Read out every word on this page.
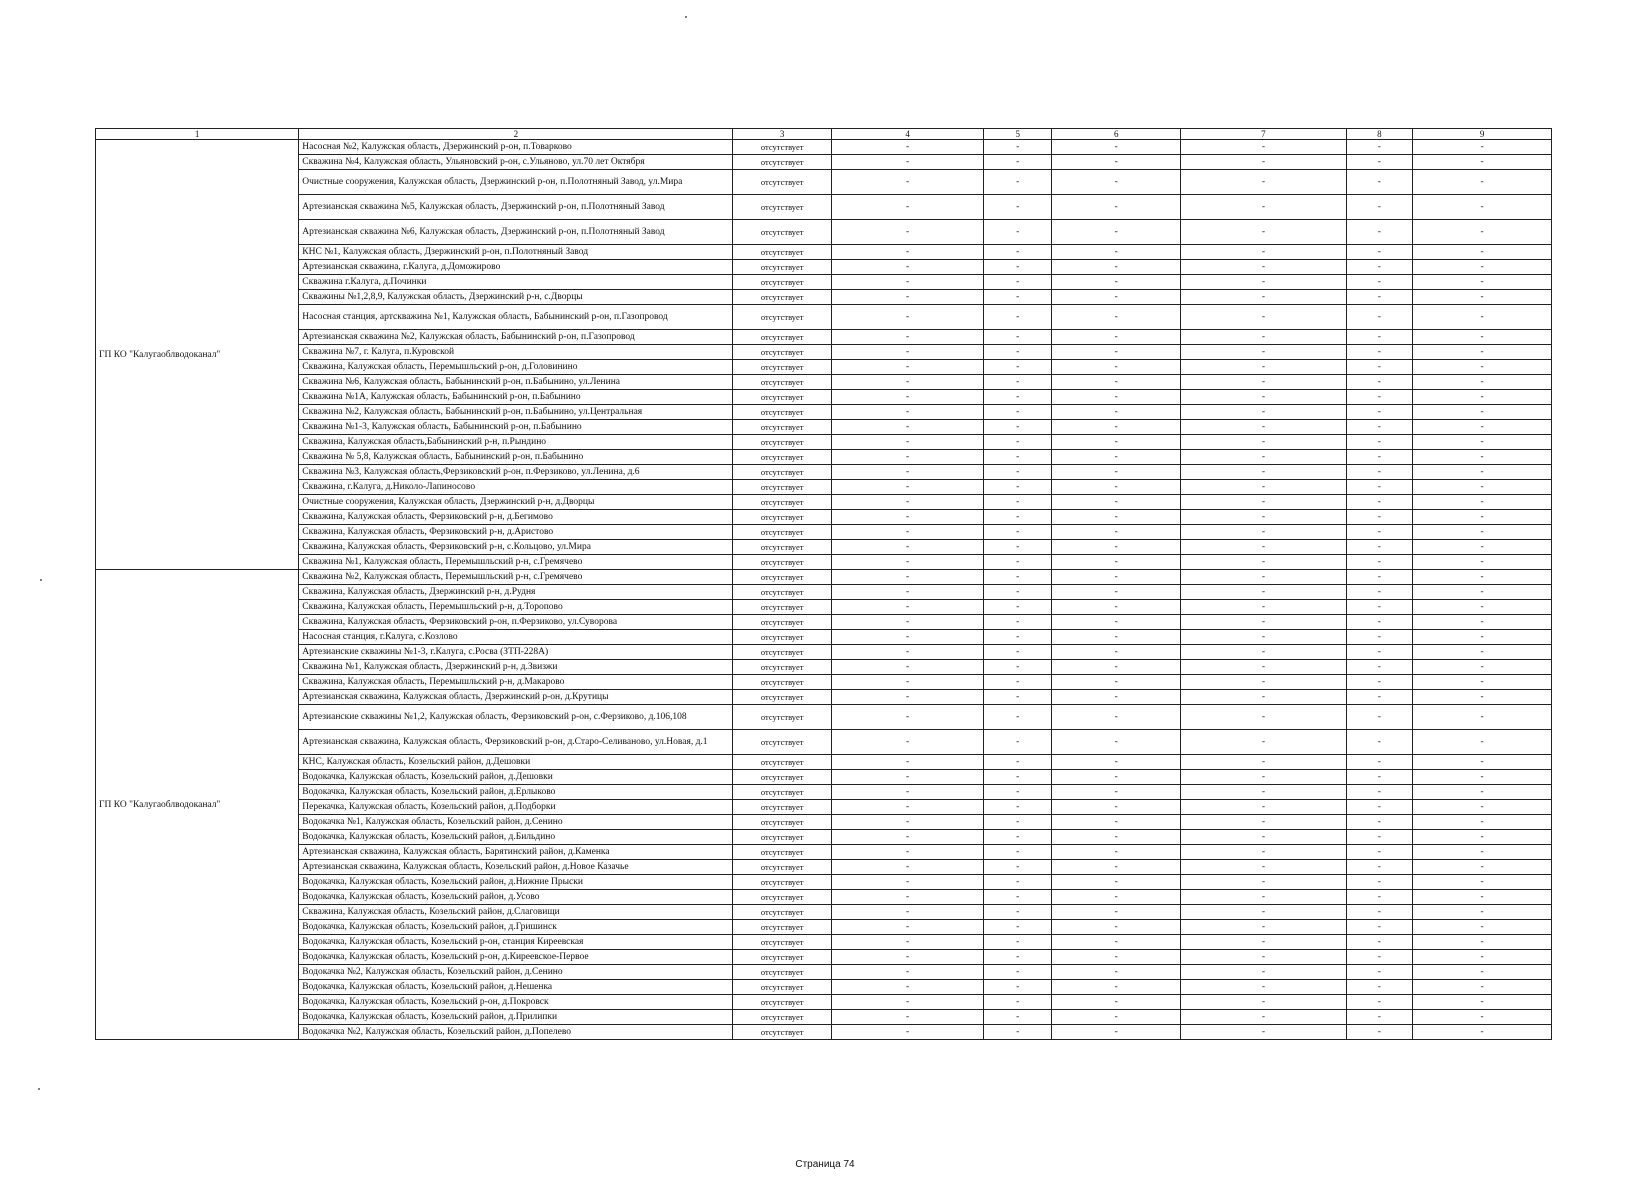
1	2	3	4	5	6	7	8	9
ГП КО "Калугаоблводоканал"	Насосная №2, Калужская область, Дзержинский р-он, п.Товарково	отсутствует	-	-	-	-	-	-
	Скважина №4, Калужская область, Ульяновский р-он, с.Ульяново, ул.70 лет Октября	отсутствует	-	-	-	-	-	-
	Очистные сооружения, Калужская область, Дзержинский р-он, п.Полотняный Завод, ул.Мира	отсутствует	-	-	-	-	-	-
	Артезианская скважина №5, Калужская область, Дзержинский р-он, п.Полотняный Завод	отсутствует	-	-	-	-	-	-
	Артезианская скважина №6, Калужская область, Дзержинский р-он, п.Полотняный Завод	отсутствует	-	-	-	-	-	-
	КНС №1, Калужская область, Дзержинский р-он, п.Полотняный Завод	отсутствует	-	-	-	-	-	-
	Артезианская скважина, г.Калуга, д.Доможирово	отсутствует	-	-	-	-	-	-
	Скважина г.Калуга, д.Починки	отсутствует	-	-	-	-	-	-
	Скважины №1,2,8,9, Калужская область, Дзержинский р-н, с.Дворцы	отсутствует	-	-	-	-	-	-
	Насосная станция, артскважина №1, Калужская область, Бабынинский р-он, п.Газопровод	отсутствует	-	-	-	-	-	-
	Артезианская скважина №2, Калужская область, Бабынинский р-он, п.Газопровод	отсутствует	-	-	-	-	-	-
	Скважина №7, г. Калуга, п.Куровской	отсутствует	-	-	-	-	-	-
	Скважина, Калужская область, Перемышльский р-он, д.Головинино	отсутствует	-	-	-	-	-	-
	Скважина №6, Калужская область, Бабынинский р-он, п.Бабынино, ул.Ленина	отсутствует	-	-	-	-	-	-
	Скважина №1А, Калужская область, Бабынинский р-он, п.Бабынино	отсутствует	-	-	-	-	-	-
	Скважина №2, Калужская область, Бабынинский р-он, п.Бабынино, ул.Центральная	отсутствует	-	-	-	-	-	-
	Скважина №1-3, Калужская область, Бабынинский р-он, п.Бабынино	отсутствует	-	-	-	-	-	-
	Скважина, Калужская область,Бабынинский р-н, п.Рындино	отсутствует	-	-	-	-	-	-
	Скважина № 5,8, Калужская область, Бабынинский р-он, п.Бабынино	отсутствует	-	-	-	-	-	-
	Скважина №3, Калужская область,Ферзиковский р-он, п.Ферзиково, ул.Ленина, д.6	отсутствует	-	-	-	-	-	-
	Скважина, г.Калуга, д.Николо-Лапиносово	отсутствует	-	-	-	-	-	-
	Очистные сооружения, Калужская область, Дзержинский р-н, д.Дворцы	отсутствует	-	-	-	-	-	-
	Скважина, Калужская область, Ферзиковский р-н, д.Бегимово	отсутствует	-	-	-	-	-	-
	Скважина, Калужская область, Ферзиковский р-н, д.Аристово	отсутствует	-	-	-	-	-	-
	Скважина, Калужская область, Ферзиковский р-н, с.Кольцово, ул.Мира	отсутствует	-	-	-	-	-	-
	Скважина №1, Калужская область, Перемышльский р-н, с.Гремячево	отсутствует	-	-	-	-	-	-
ГП КО "Калугаоблводоканал"	Скважина №2, Калужская область, Перемышльский р-н, с.Гремячево	отсутствует	-	-	-	-	-	-
	Скважина, Калужская область, Дзержинский р-н, д.Рудня	отсутствует	-	-	-	-	-	-
	Скважина, Калужская область, Перемышльский р-н, д.Торопово	отсутствует	-	-	-	-	-	-
	Скважина, Калужская область, Ферзиковский р-он, п.Ферзиково, ул.Суворова	отсутствует	-	-	-	-	-	-
	Насосная станция, г.Калуга, с.Козлово	отсутствует	-	-	-	-	-	-
	Артезианские скважины №1-3, г.Калуга, с.Росва (ЗТП-228А)	отсутствует	-	-	-	-	-	-
	Скважина №1, Калужская область, Дзержинский р-н, д.Звизжи	отсутствует	-	-	-	-	-	-
	Скважина, Калужская область, Перемышльский р-н, д.Макарово	отсутствует	-	-	-	-	-	-
	Артезианская скважина, Калужская область, Дзержинский р-он, д.Крутицы	отсутствует	-	-	-	-	-	-
	Артезианские скважины №1,2, Калужская область, Ферзиковский р-он, с.Ферзиково, д.106,108	отсутствует	-	-	-	-	-	-
	Артезианская скважина, Калужская область, Ферзиковский р-он, д.Старо-Селиваново, ул.Новая, д.1	отсутствует	-	-	-	-	-	-
	КНС, Калужская область, Козельский район, д.Дешовки	отсутствует	-	-	-	-	-	-
	Водокачка, Калужская область, Козельский район, д.Дешовки	отсутствует	-	-	-	-	-	-
	Водокачка, Калужская область, Козельский район, д.Ерлыково	отсутствует	-	-	-	-	-	-
	Перекачка, Калужская область, Козельский район, д.Подборки	отсутствует	-	-	-	-	-	-
	Водокачка №1, Калужская область, Козельский район, д.Сенино	отсутствует	-	-	-	-	-	-
	Водокачка, Калужская область, Козельский район, д.Бильдино	отсутствует	-	-	-	-	-	-
	Артезианская скважина, Калужская область, Барятинский район, д.Каменка	отсутствует	-	-	-	-	-	-
	Артезианская скважина, Калужская область, Козельский район, д.Новое Казачье	отсутствует	-	-	-	-	-	-
	Водокачка, Калужская область, Козельский район, д.Нижние Прыски	отсутствует	-	-	-	-	-	-
	Водокачка, Калужская область, Козельский район, д.Усово	отсутствует	-	-	-	-	-	-
	Скважина, Калужская область, Козельский район, д.Слаговищи	отсутствует	-	-	-	-	-	-
	Водокачка, Калужская область, Козельский район, д.Гришинск	отсутствует	-	-	-	-	-	-
	Водокачка, Калужская область, Козельский р-он, станция Киреевская	отсутствует	-	-	-	-	-	-
	Водокачка, Калужская область, Козельский р-он, д.Киреевское-Первое	отсутствует	-	-	-	-	-	-
	Водокачка №2, Калужская область, Козельский район, д.Сенино	отсутствует	-	-	-	-	-	-
	Водокачка, Калужская область, Козельский район, д.Нешенка	отсутствует	-	-	-	-	-	-
	Водокачка, Калужская область, Козельский р-он, д.Покровск	отсутствует	-	-	-	-	-	-
	Водокачка, Калужская область, Козельский район, д.Прилипки	отсутствует	-	-	-	-	-	-
	Водокачка №2, Калужская область, Козельский район, д.Попелево	отсутствует	-	-	-	-	-	-
Страница 74
